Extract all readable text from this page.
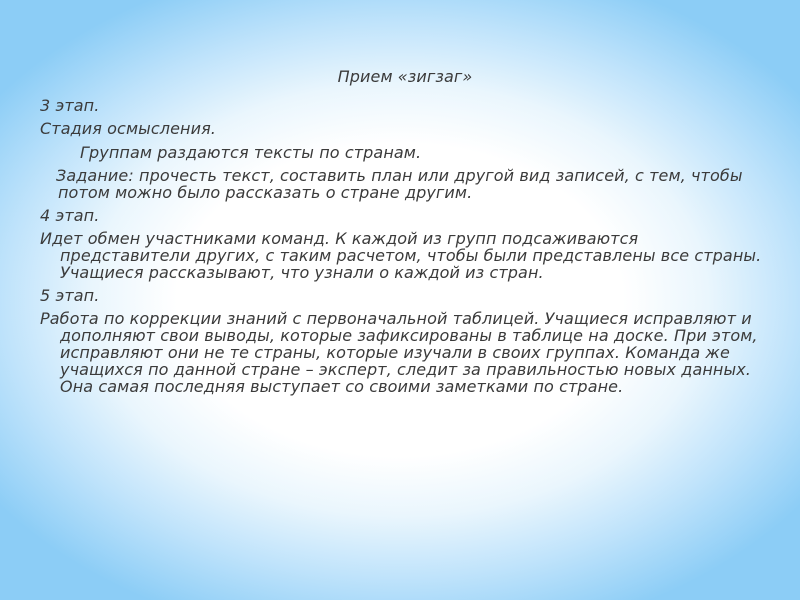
Прием «зигзаг»
3 этап.
Стадия осмысления.
Группам раздаются тексты по странам.
Задание: прочесть текст, составить план или другой вид записей, с тем, чтобы потом можно было рассказать о стране другим.
4 этап.
Идет обмен участниками команд. К каждой из групп подсаживаются представители других, с таким расчетом, чтобы были представлены все страны. Учащиеся рассказывают, что узнали о каждой из стран.
5 этап.
Работа по коррекции знаний с первоначальной таблицей. Учащиеся исправляют и дополняют свои выводы, которые зафиксированы в таблице на доске. При этом, исправляют они не те страны, которые изучали в своих группах. Команда же учащихся по данной стране – эксперт, следит за правильностью новых данных. Она самая последняя выступает со своими заметками по стране.
